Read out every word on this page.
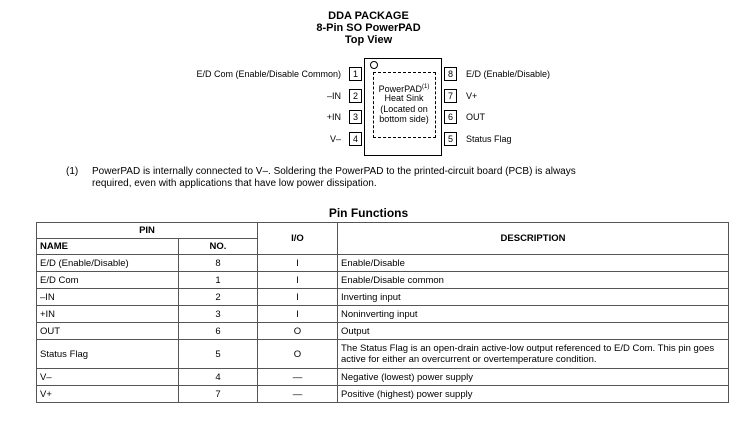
DDA PACKAGE
8-Pin SO PowerPAD
Top View
PowerPAD$^{(1)}$
Heat Sink
(Located on
bottom side)
1
2
3
4
E/D Com (Enable/Disable Common)
–IN
+IN
V–
8
7
6
5
E/D (Enable/Disable)
V+
OUT
Status Flag
(1) PowerPAD is internally connected to V–. Soldering the PowerPAD to the printed-circuit board (PCB) is always
required, even with applications that have low power dissipation.
Pin Functions
PIN		I/O	DESCRIPTION
NAME	NO.		
E/D (Enable/Disable)	8	I	Enable/Disable
E/D Com	1	I	Enable/Disable common
–IN	2	I	Inverting input
+IN	3	I	Noninverting input
OUT	6	O	Output
Status Flag	5	O	The Status Flag is an open-drain active-low output referenced to E/D Com. This pin goes active for either an overcurrent or overtemperature condition.
V–	4	—	Negative (lowest) power supply
V+	7	—	Positive (highest) power supply
